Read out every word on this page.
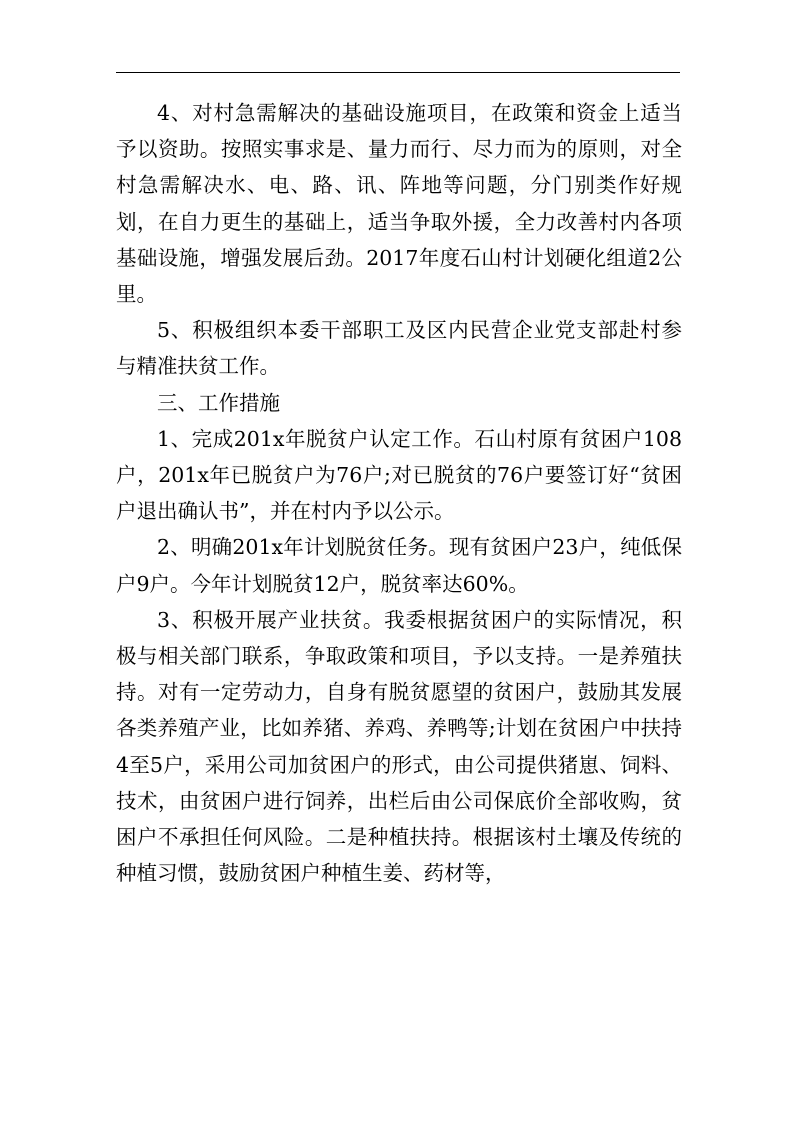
4、对村急需解决的基础设施项目，在政策和资金上适当予以资助。按照实事求是、量力而行、尽力而为的原则，对全村急需解决水、电、路、讯、阵地等问题，分门别类作好规划，在自力更生的基础上，适当争取外援，全力改善村内各项基础设施，增强发展后劲。2017年度石山村计划硬化组道2公里。

5、积极组织本委干部职工及区内民营企业党支部赴村参与精准扶贫工作。

三、工作措施

1、完成201x年脱贫户认定工作。石山村原有贫困户108户，201x年已脱贫户为76户;对已脱贫的76户要签订好“贫困户退出确认书”，并在村内予以公示。

2、明确201x年计划脱贫任务。现有贫困户23户，纯低保户9户。今年计划脱贫12户，脱贫率达60%。

3、积极开展产业扶贫。我委根据贫困户的实际情况，积极与相关部门联系，争取政策和项目，予以支持。一是养殖扶持。对有一定劳动力，自身有脱贫愿望的贫困户，鼓励其发展各类养殖产业，比如养猪、养鸡、养鸭等;计划在贫困户中扶持4至5户，采用公司加贫困户的形式，由公司提供猪崽、饲料、技术，由贫困户进行饲养，出栏后由公司保底价全部收购，贫困户不承担任何风险。二是种植扶持。根据该村土壤及传统的种植习惯，鼓励贫困户种植生姜、药材等，
